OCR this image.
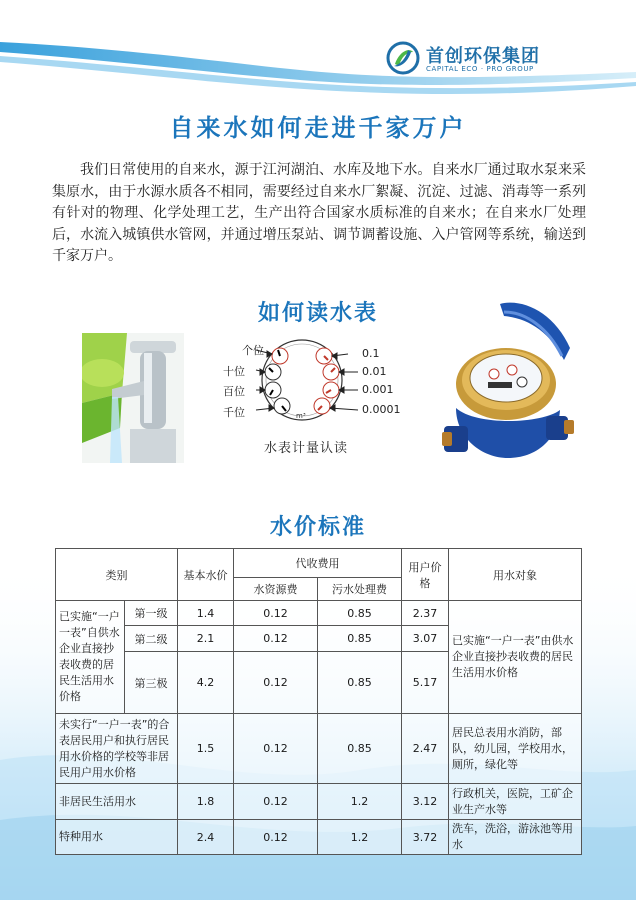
首创环保集团
CAPITAL ECO · PRO GROUP
自来水如何走进千家万户
我们日常使用的自来水，源于江河湖泊、水库及地下水。自来水厂通过取水泵来采集原水，由于水源水质各不相同，需要经过自来水厂絮凝、沉淀、过滤、消毒等一系列有针对的物理、化学处理工艺，生产出符合国家水质标准的自来水；在自来水厂处理后，水流入城镇供水管网，并通过增压泵站、调节调蓄设施、入户管网等系统，输送到千家万户。
如何读水表
m³
个位
十位
百位
千位
0.1
0.01
0.001
0.0001
水表计量认读
水价标准
类别		基本水价	代收费用		用户价格	用水对象
			水资源费	污水处理费		
已实施“一户一表”自供水企业直接抄表收费的居民生活用水价格	第一级	1.4	0.12	0.85	2.37	已实施“一户一表”由供水企业直接抄表收费的居民生活用水价格
	第二级	2.1	0.12	0.85	3.07	
	第三极	4.2	0.12	0.85	5.17	
未实行“一户一表”的合表居民用户和执行居民用水价格的学校等非居民用户用水价格		1.5	0.12	0.85	2.47	居民总表用水消防，部队，幼儿园，学校用水，厕所，绿化等
非居民生活用水		1.8	0.12	1.2	3.12	行政机关，医院，工矿企业生产水等
特种用水		2.4	0.12	1.2	3.72	洗车，洗浴，游泳池等用水
